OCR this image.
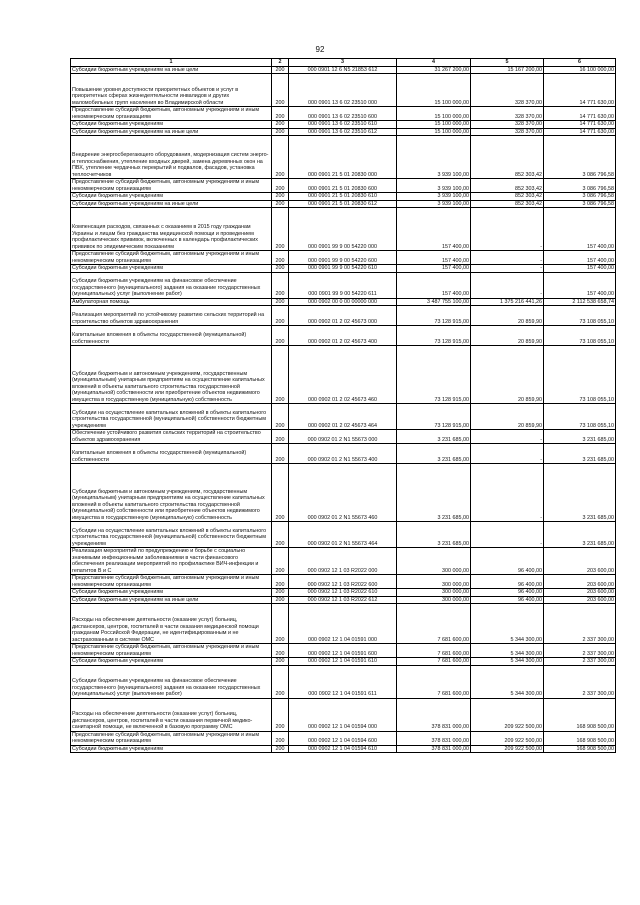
92
1	2	3	4	5	6
Субсидии бюджетным учреждениям на иные цели	200	000 0901 12 6 N5 21853 612	31 267 200,00	15 167 200,00	16 100 000,00
Повышение уровня доступности приоритетных объектов и услуг в приоритетных сферах жизнедеятельности инвалидов и других маломобильных групп населения во Владимирской области	200	000 0901 13 6 02 23510 000	15 100 000,00	328 370,00	14 771 630,00
Предоставление субсидий бюджетным, автономным учреждениям и иным некоммерческим организациям	200	000 0901 13 6 02 23510 600	15 100 000,00	328 370,00	14 771 630,00
Субсидии бюджетным учреждениям	200	000 0901 13 6 02 23510 610	15 100 000,00	328 370,00	14 771 630,00
Субсидии бюджетным учреждениям на иные цели	200	000 0901 13 6 02 23510 612	15 100 000,00	328 370,00	14 771 630,00
Внедрение энергосберегающего оборудования, модернизация систем энерго- и теплоснабжения, утепление входных дверей, замена деревянных окон на ПВХ, утепление чердачных перекрытий и подвалов, фасадов, установка теплосчетчиков	200	000 0901 21 5 01 20830 000	3 939 100,00	852 303,42	3 086 796,58
Предоставление субсидий бюджетным, автономным учреждениям и иным некоммерческим организациям	200	000 0901 21 5 01 20830 600	3 939 100,00	852 303,42	3 086 796,58
Субсидии бюджетным учреждениям	200	000 0901 21 5 01 20830 610	3 939 100,00	852 303,42	3 086 796,58
Субсидии бюджетным учреждениям на иные цели	200	000 0901 21 5 01 20830 612	3 939 100,00	852 303,42	3 086 796,58
Компенсация расходов, связанных с оказанием в 2015 году гражданам Украины и лицам без гражданства медицинской помощи и проведением профилактических прививок, включенных в календарь профилактических прививок по эпидемическим показаниям	200	000 0901 99 9 00 54220 000	157 400,00	-	157 400,00
Предоставление субсидий бюджетным, автономным учреждениям и иным некоммерческим организациям	200	000 0901 99 9 00 54220 600	157 400,00	-	157 400,00
Субсидии бюджетным учреждениям	200	000 0901 99 9 00 54220 610	157 400,00	-	157 400,00
Субсидии бюджетным учреждениям на финансовое обеспечение государственного (муниципального) задания на оказание государственных (муниципальных) услуг (выполнение работ)	200	000 0901 99 9 00 54220 611	157 400,00	-	157 400,00
Амбулаторная помощь	200	000 0902 00 0 00 00000 000	3 487 755 100,00	1 375 216 441,26	2 112 538 658,74
Реализация мероприятий по устойчивому развитию сельских территорий на строительство объектов здравоохранения	200	000 0902 01 2 02 45673 000	73 128 915,00	20 859,90	73 108 055,10
Капитальные вложения в объекты государственной (муниципальной) собственности	200	000 0902 01 2 02 45673 400	73 128 915,00	20 859,90	73 108 055,10
Субсидии бюджетным и автономным учреждениям, государственным (муниципальным) унитарным предприятиям на осуществление капитальных вложений в объекты капитального строительства государственной (муниципальной) собственности или приобретение объектов недвижимого имущества в государственную (муниципальную) собственность	200	000 0902 01 2 02 45673 460	73 128 915,00	20 859,90	73 108 055,10
Субсидии на осуществление капитальных вложений в объекты капитального строительства государственной (муниципальной) собственности бюджетным учреждениям	200	000 0902 01 2 02 45673 464	73 128 915,00	20 859,90	73 108 055,10
Обеспечение устойчивого развития сельских территорий на строительство объектов здравоохранения	200	000 0902 01 2 N1 55673 000	3 231 685,00	-	3 231 685,00
Капитальные вложения в объекты государственной (муниципальной) собственности	200	000 0902 01 2 N1 55673 400	3 231 685,00	-	3 231 685,00
Субсидии бюджетным и автономным учреждениям, государственным (муниципальным) унитарным предприятиям на осуществление капитальных вложений в объекты капитального строительства государственной (муниципальной) собственности или приобретение объектов недвижимого имущества в государственную (муниципальную) собственность	200	000 0902 01 2 N1 55673 460	3 231 685,00	-	3 231 685,00
Субсидии на осуществление капитальных вложений в объекты капитального строительства государственной (муниципальной) собственности бюджетным учреждениям	200	000 0902 01 2 N1 55673 464	3 231 685,00	-	3 231 685,00
Реализация мероприятий по предупреждению и борьбе с социально значимыми инфекционными заболеваниями в части финансового обеспечения реализации мероприятий по профилактике ВИЧ-инфекции и гепатитов В и С	200	000 0902 12 1 03 R2022 000	300 000,00	96 400,00	203 600,00
Предоставление субсидий бюджетным, автономным учреждениям и иным некоммерческим организациям	200	000 0902 12 1 03 R2022 600	300 000,00	96 400,00	203 600,00
Субсидии бюджетным учреждениям	200	000 0902 12 1 03 R2022 610	300 000,00	96 400,00	203 600,00
Субсидии бюджетным учреждениям на иные цели	200	000 0902 12 1 03 R2022 612	300 000,00	96 400,00	203 600,00
Расходы на обеспечение деятельности (оказание услуг) больниц, диспансеров, центров, госпиталей в части оказания медицинской помощи гражданам Российской Федерации, не идентифицированным и не застрахованным в системе ОМС	200	000 0902 12 1 04 01591 000	7 681 600,00	5 344 300,00	2 337 300,00
Предоставление субсидий бюджетным, автономным учреждениям и иным некоммерческим организациям	200	000 0902 12 1 04 01591 600	7 681 600,00	5 344 300,00	2 337 300,00
Субсидии бюджетным учреждениям	200	000 0902 12 1 04 01591 610	7 681 600,00	5 344 300,00	2 337 300,00
Субсидии бюджетным учреждениям на финансовое обеспечение государственного (муниципального) задания на оказание государственных (муниципальных) услуг (выполнение работ)	200	000 0902 12 1 04 01591 611	7 681 600,00	5 344 300,00	2 337 300,00
Расходы на обеспечение деятельности (оказание услуг) больниц, диспансеров, центров, госпиталей в части оказания первичной медико-санитарной помощи, не включенной в базовую программу ОМС	200	000 0902 12 1 04 01594 000	378 831 000,00	209 922 500,00	168 908 500,00
Предоставление субсидий бюджетным, автономным учреждениям и иным некоммерческим организациям	200	000 0902 12 1 04 01594 600	378 831 000,00	209 922 500,00	168 908 500,00
Субсидии бюджетным учреждениям	200	000 0902 12 1 04 01594 610	378 831 000,00	209 922 500,00	168 908 500,00
